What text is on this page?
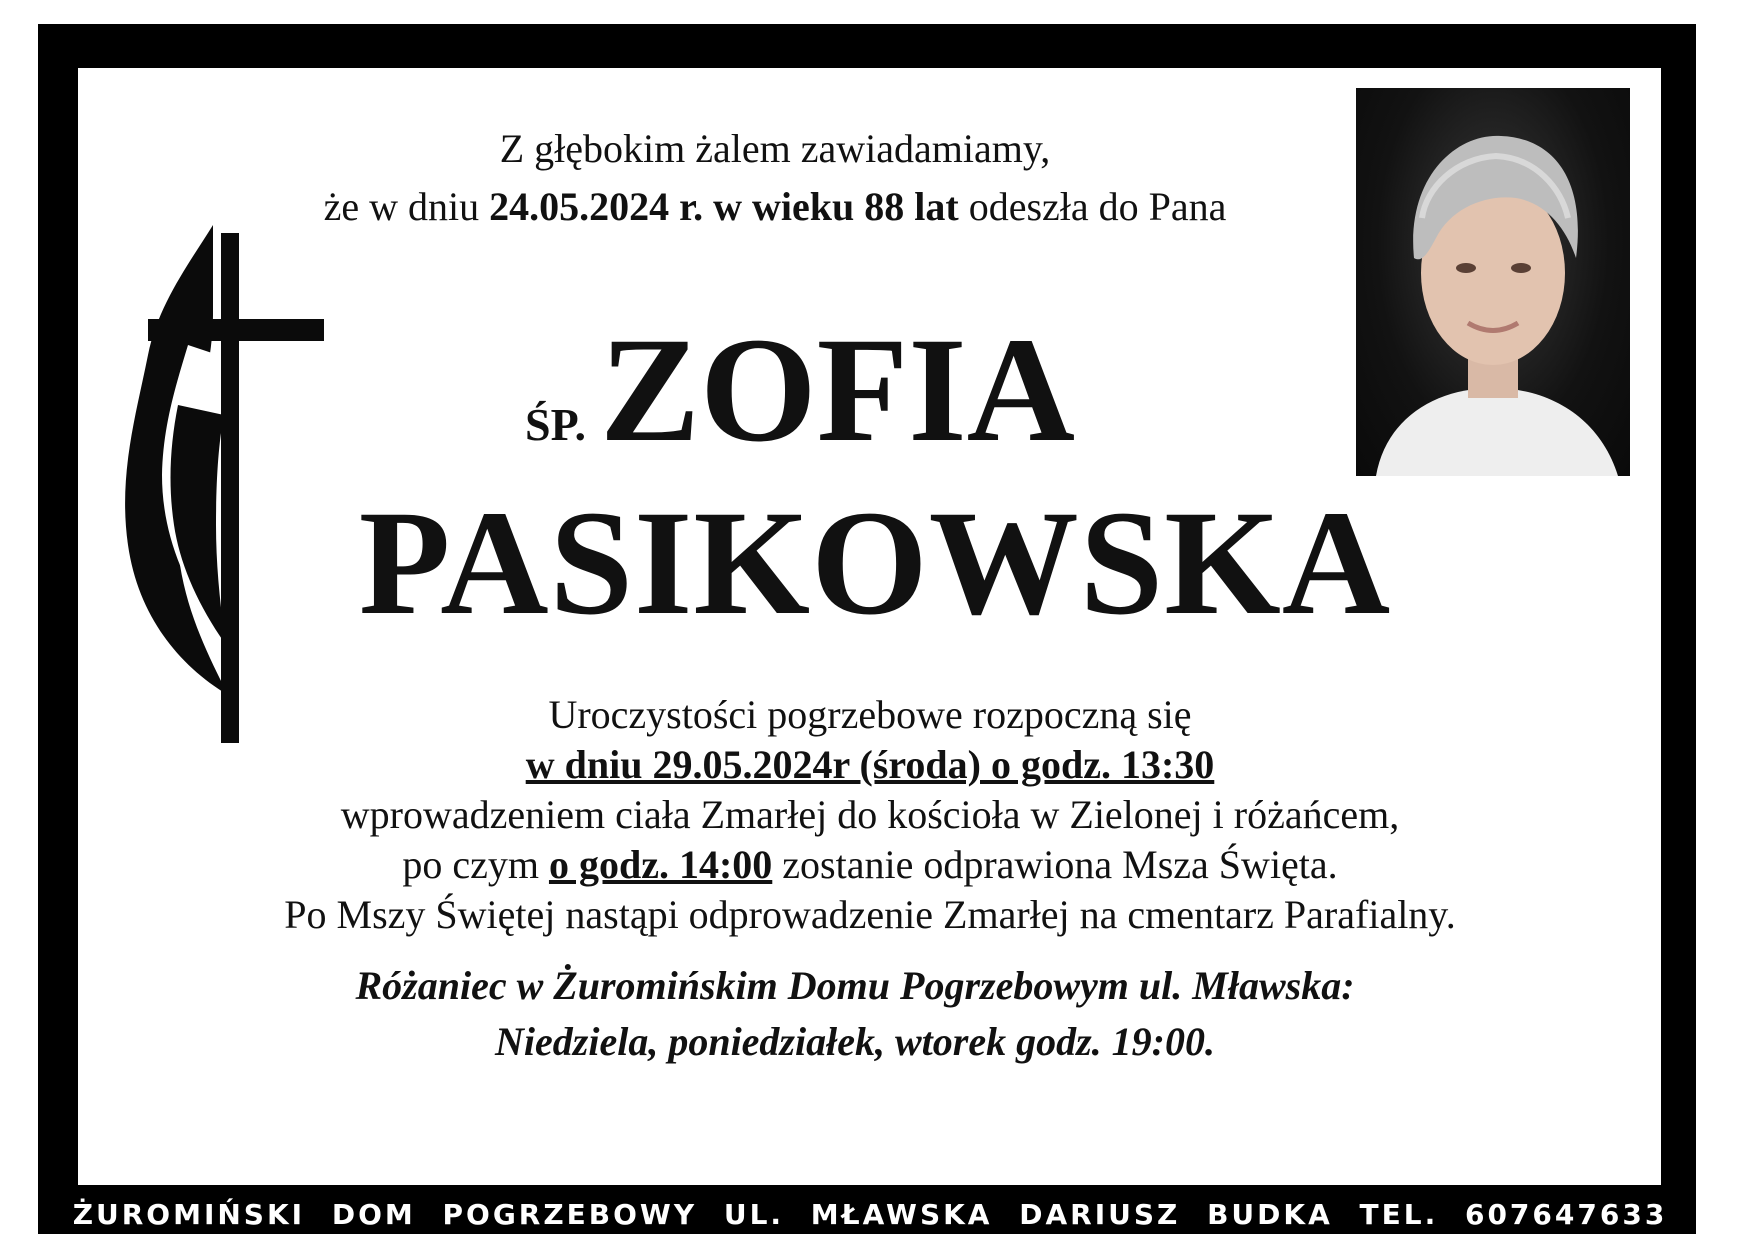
Z głębokim żalem zawiadamiamy,
że w dniu 24.05.2024 r. w wieku 88 lat odeszła do Pana
ŚP.ZOFIA
PASIKOWSKA
Uroczystości pogrzebowe rozpoczną się
w dniu 29.05.2024r (środa) o godz. 13:30
wprowadzeniem ciała Zmarłej do kościoła w Zielonej i różańcem,
po czym o godz. 14:00 zostanie odprawiona Msza Święta.
Po Mszy Świętej nastąpi odprowadzenie Zmarłej na cmentarz Parafialny.
Różaniec w Żuromińskim Domu Pogrzebowym ul. Mławska:
Niedziela, poniedziałek, wtorek godz. 19:00.
ŻUROMIŃSKI DOM POGRZEBOWY UL. MŁAWSKA DARIUSZ BUDKA TEL. 607647633
